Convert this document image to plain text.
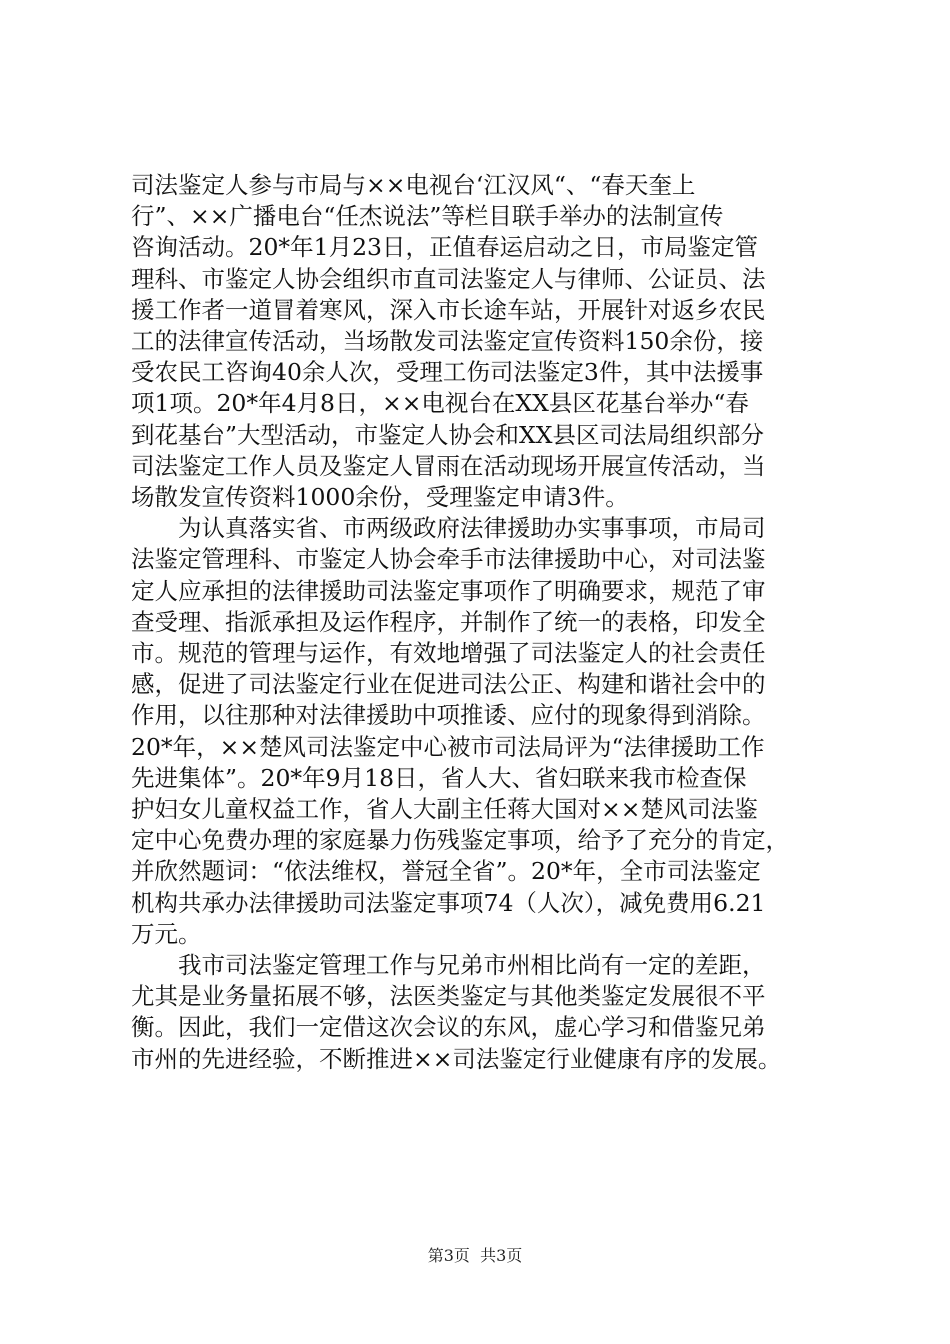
司法鉴定人参与市局与××电视台‘江汉风“、“春天奎上
行”、××广播电台“任杰说法”等栏目联手举办的法制宣传
咨询活动。20*年1月23日，正值春运启动之日，市局鉴定管
理科、市鉴定人协会组织市直司法鉴定人与律师、公证员、法
援工作者一道冒着寒风，深入市长途车站，开展针对返乡农民
工的法律宣传活动，当场散发司法鉴定宣传资料150余份，接
受农民工咨询40余人次，受理工伤司法鉴定3件，其中法援事
项1项。20*年4月8日，××电视台在XX县区花基台举办“春
到花基台”大型活动，市鉴定人协会和XX县区司法局组织部分
司法鉴定工作人员及鉴定人冒雨在活动现场开展宣传活动，当
场散发宣传资料1000余份，受理鉴定申请3件。
　　为认真落实省、市两级政府法律援助办实事事项，市局司
法鉴定管理科、市鉴定人协会牵手市法律援助中心，对司法鉴
定人应承担的法律援助司法鉴定事项作了明确要求，规范了审
查受理、指派承担及运作程序，并制作了统一的表格，印发全
市。规范的管理与运作，有效地增强了司法鉴定人的社会责任
感，促进了司法鉴定行业在促进司法公正、构建和谐社会中的
作用，以往那种对法律援助中项推诿、应付的现象得到消除。
20*年，××楚风司法鉴定中心被市司法局评为“法律援助工作
先进集体”。20*年9月18日，省人大、省妇联来我市检查保
护妇女儿童权益工作，省人大副主任蒋大国对××楚风司法鉴
定中心免费办理的家庭暴力伤残鉴定事项，给予了充分的肯定，
并欣然题词：“依法维权，誉冠全省”。20*年，全市司法鉴定
机构共承办法律援助司法鉴定事项74（人次），减免费用6.21
万元。
　　我市司法鉴定管理工作与兄弟市州相比尚有一定的差距，
尤其是业务量拓展不够，法医类鉴定与其他类鉴定发展很不平
衡。因此，我们一定借这次会议的东风，虚心学习和借鉴兄弟
市州的先进经验，不断推进××司法鉴定行业健康有序的发展。
第3页  共3页
